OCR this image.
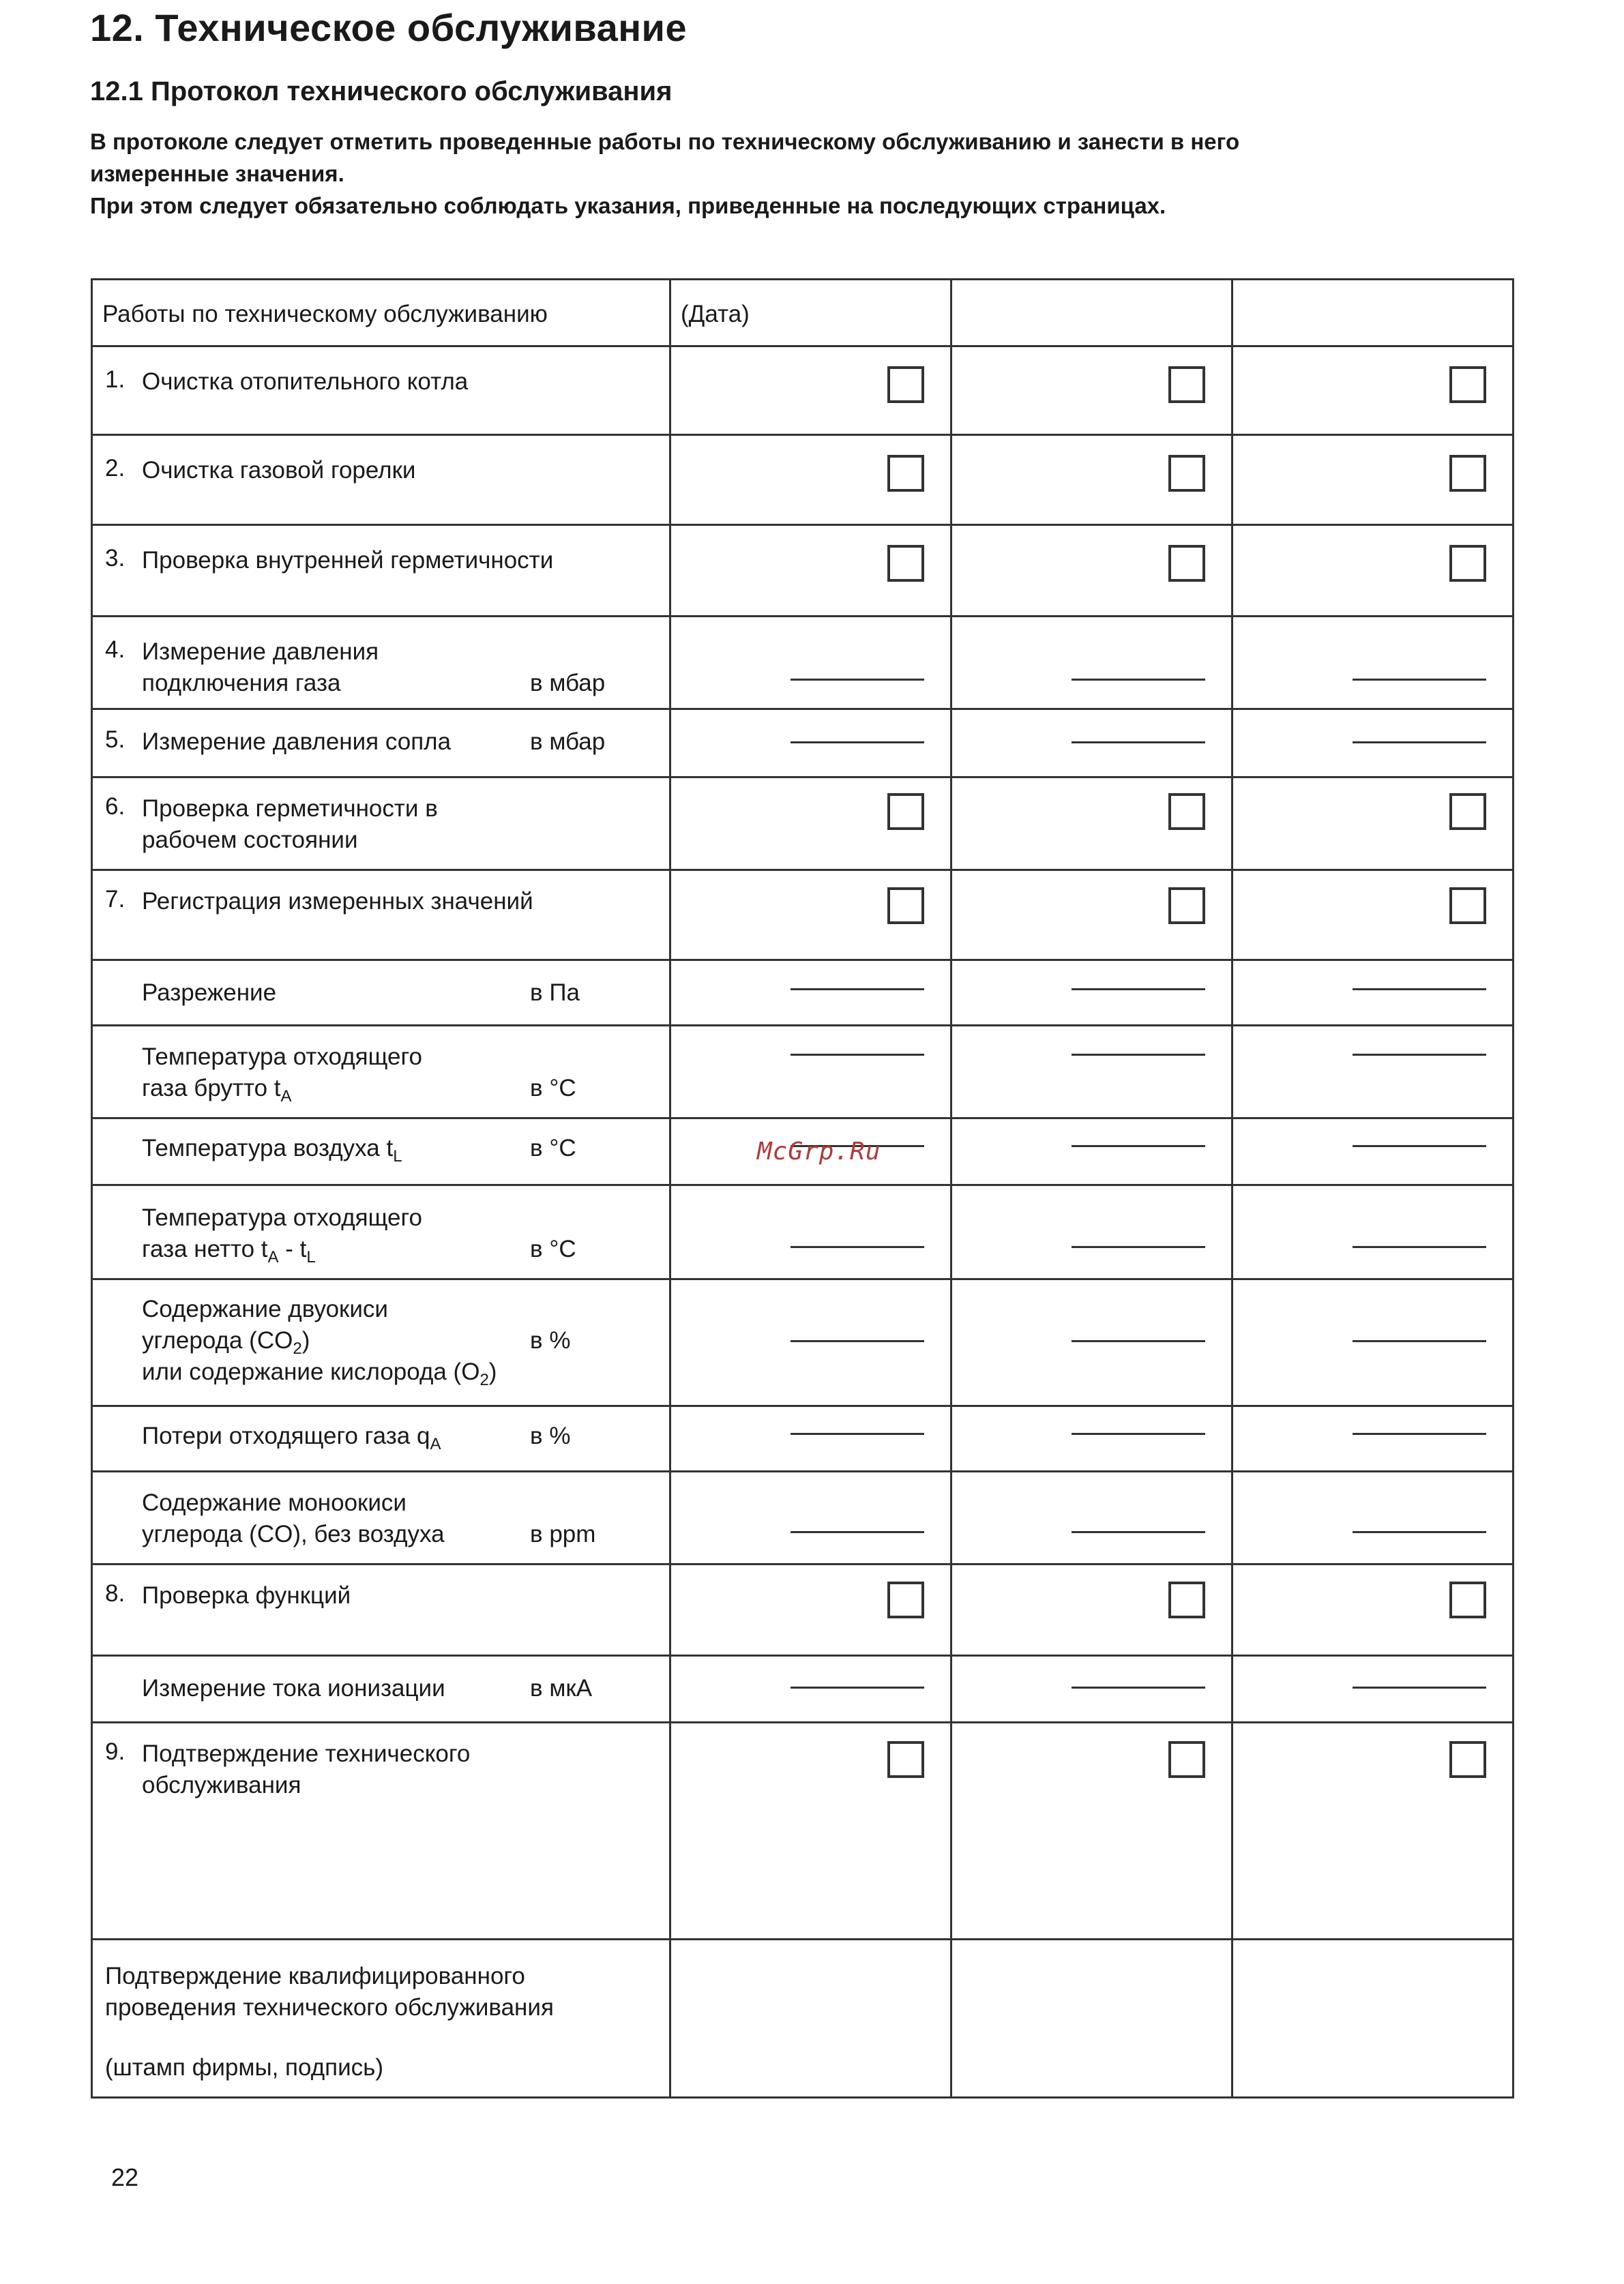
12. Техническое обслуживание
12.1 Протокол технического обслуживания
В протоколе следует отметить проведенные работы по техническому обслуживанию и занести в него
измеренные значения.
При этом следует обязательно соблюдать указания, приведенные на последующих страницах.
Работы по техническому обслуживанию	(Дата)		

1. Очистка отопительного котла			

2. Очистка газовой горелки			

3. Проверка внутренней герметичности			

4. Измерение давления
подключения газа в мбар			

5. Измерение давления сопла в мбар			

6. Проверка герметичности в
рабочем состоянии			

7. Регистрация измеренных значений			

Разрежение в Па			

Температура отходящего
газа брутто $t_A$ в °C			

Температура воздуха $t_L$ в °C			

Температура отходящего
газа нетто $t_A - t_L$ в °C			

Содержание двуокиси
углерода $(CO_2)$
или содержание кислорода $(O_2)$
в %			

Потери отходящего газа $q_A$ в %			

Содержание моноокиси
углерода (CO), без воздуха в ppm			

8. Проверка функций			

Измерение тока ионизации в мкА			

9. Подтверждение технического
обслуживания			

Подтверждение квалифицированного
проведения технического обслуживания
(штамп фирмы, подпись)			

McGrp.Ru
22
